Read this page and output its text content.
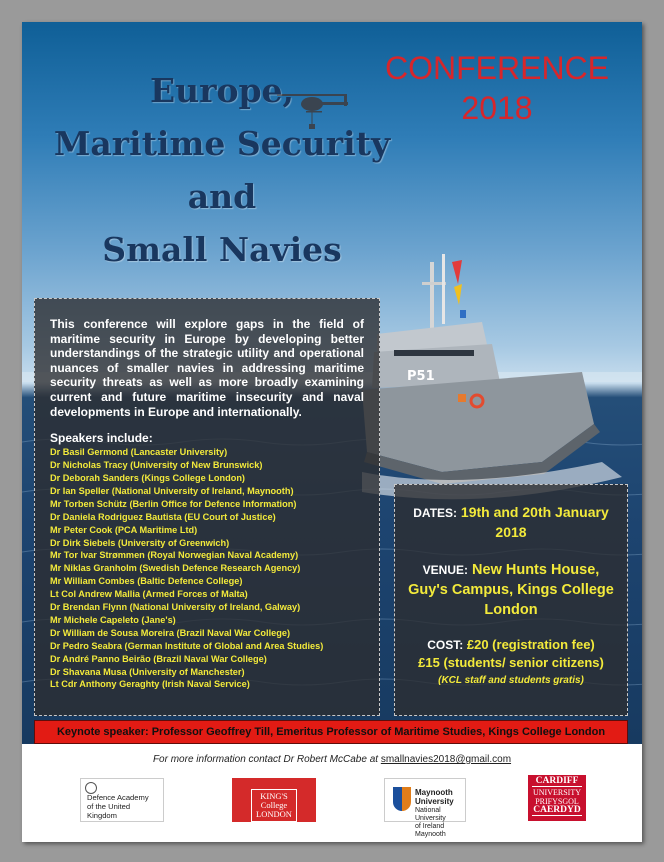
P51
Europe,
Maritime Security
and
Small Navies
CONFERENCE
2018

This conference will explore gaps in the field of maritime security in Europe by developing better understandings of the strategic utility and operational nuances of smaller navies in addressing maritime security threats as well as more broadly examining current and future maritime insecurity and naval developments in Europe and internationally.

Speakers include:
Dr Basil Germond (Lancaster University)
Dr Nicholas Tracy (University of New Brunswick)
Dr Deborah Sanders (Kings College London)
Dr Ian Speller (National University of Ireland, Maynooth)
Mr Torben Schütz (Berlin Office for Defence Information)
Dr Daniela Rodriguez Bautista (EU Court of Justice)
Mr Peter Cook (PCA Maritime Ltd)
Dr Dirk Siebels (University of Greenwich)
Mr Tor Ivar Strømmen (Royal Norwegian Naval Academy)
Mr Niklas Granholm (Swedish Defence Research Agency)
Mr William Combes (Baltic Defence College)
Lt Col Andrew Mallia (Armed Forces of Malta)
Dr Brendan Flynn (National University of Ireland, Galway)
Mr Michele Capeleto (Jane's)
Dr William de Sousa Moreira (Brazil Naval War College)
Dr Pedro Seabra (German Institute of Global and Area Studies)
Dr André Panno Beirão (Brazil Naval War College)
Dr Shavana Musa (University of Manchester)
Lt Cdr Anthony Geraghty (Irish Naval Service)
DATES: 19th and 20th January 2018
VENUE: New Hunts House, Guy's Campus, Kings College London
COST: £20 (registration fee)
£15 (students/ senior citizens)
(KCL staff and students gratis)
Keynote speaker: Professor Geoffrey Till, Emeritus Professor of Maritime Studies, Kings College London
For more information contact Dr Robert McCabe at smallnavies2018@gmail.com
Defence Academy
of the United Kingdom
KING'S
College
LONDON
Maynooth
University
National University
of Ireland Maynooth
CARDIFF
UNIVERSITY
PRIFYSGOL
CAERDYD
